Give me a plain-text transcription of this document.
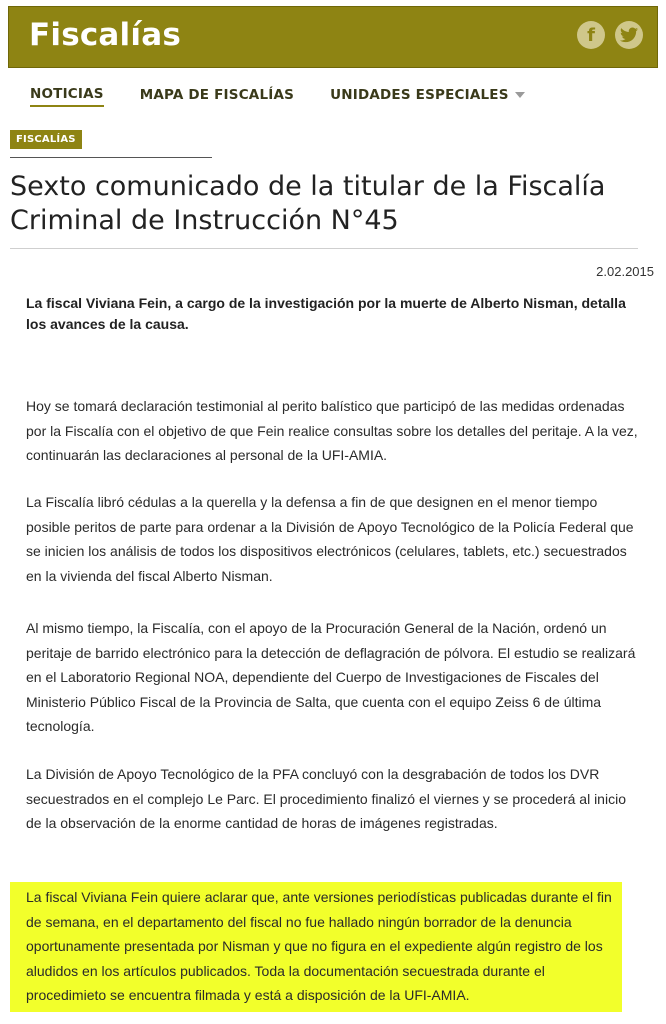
Fiscalías	f
NOTICIAS	MAPA DE FISCALÍAS	UNIDADES ESPECIALES
FISCALÍAS
Sexto comunicado de la titular de la Fiscalía Criminal de Instrucción N°45
2.02.2015

La fiscal Viviana Fein, a cargo de la investigación por la muerte de Alberto Nisman, detalla los avances de la causa.

Hoy se tomará declaración testimonial al perito balístico que participó de las medidas ordenadas por la Fiscalía con el objetivo de que Fein realice consultas sobre los detalles del peritaje. A la vez, continuarán las declaraciones al personal de la UFI-AMIA.

La Fiscalía libró cédulas a la querella y la defensa a fin de que designen en el menor tiempo posible peritos de parte para ordenar a la División de Apoyo Tecnológico de la Policía Federal que se inicien los análisis de todos los dispositivos electrónicos (celulares, tablets, etc.) secuestrados en la vivienda del fiscal Alberto Nisman.

Al mismo tiempo, la Fiscalía, con el apoyo de la Procuración General de la Nación, ordenó un peritaje de barrido electrónico para la detección de deflagración de pólvora. El estudio se realizará en el Laboratorio Regional NOA, dependiente del Cuerpo de Investigaciones de Fiscales del Ministerio Público Fiscal de la Provincia de Salta, que cuenta con el equipo Zeiss 6 de última tecnología.

La División de Apoyo Tecnológico de la PFA concluyó con la desgrabación de todos los DVR secuestrados en el complejo Le Parc. El procedimiento finalizó el viernes y se procederá al inicio de la observación de la enorme cantidad de horas de imágenes registradas.

La fiscal Viviana Fein quiere aclarar que, ante versiones periodísticas publicadas durante el fin de semana, en el departamento del fiscal no fue hallado ningún borrador de la denuncia oportunamente presentada por Nisman y que no figura en el expediente algún registro de los aludidos en los artículos publicados. Toda la documentación secuestrada durante el procedimieto se encuentra filmada y está a disposición de la UFI-AMIA.
